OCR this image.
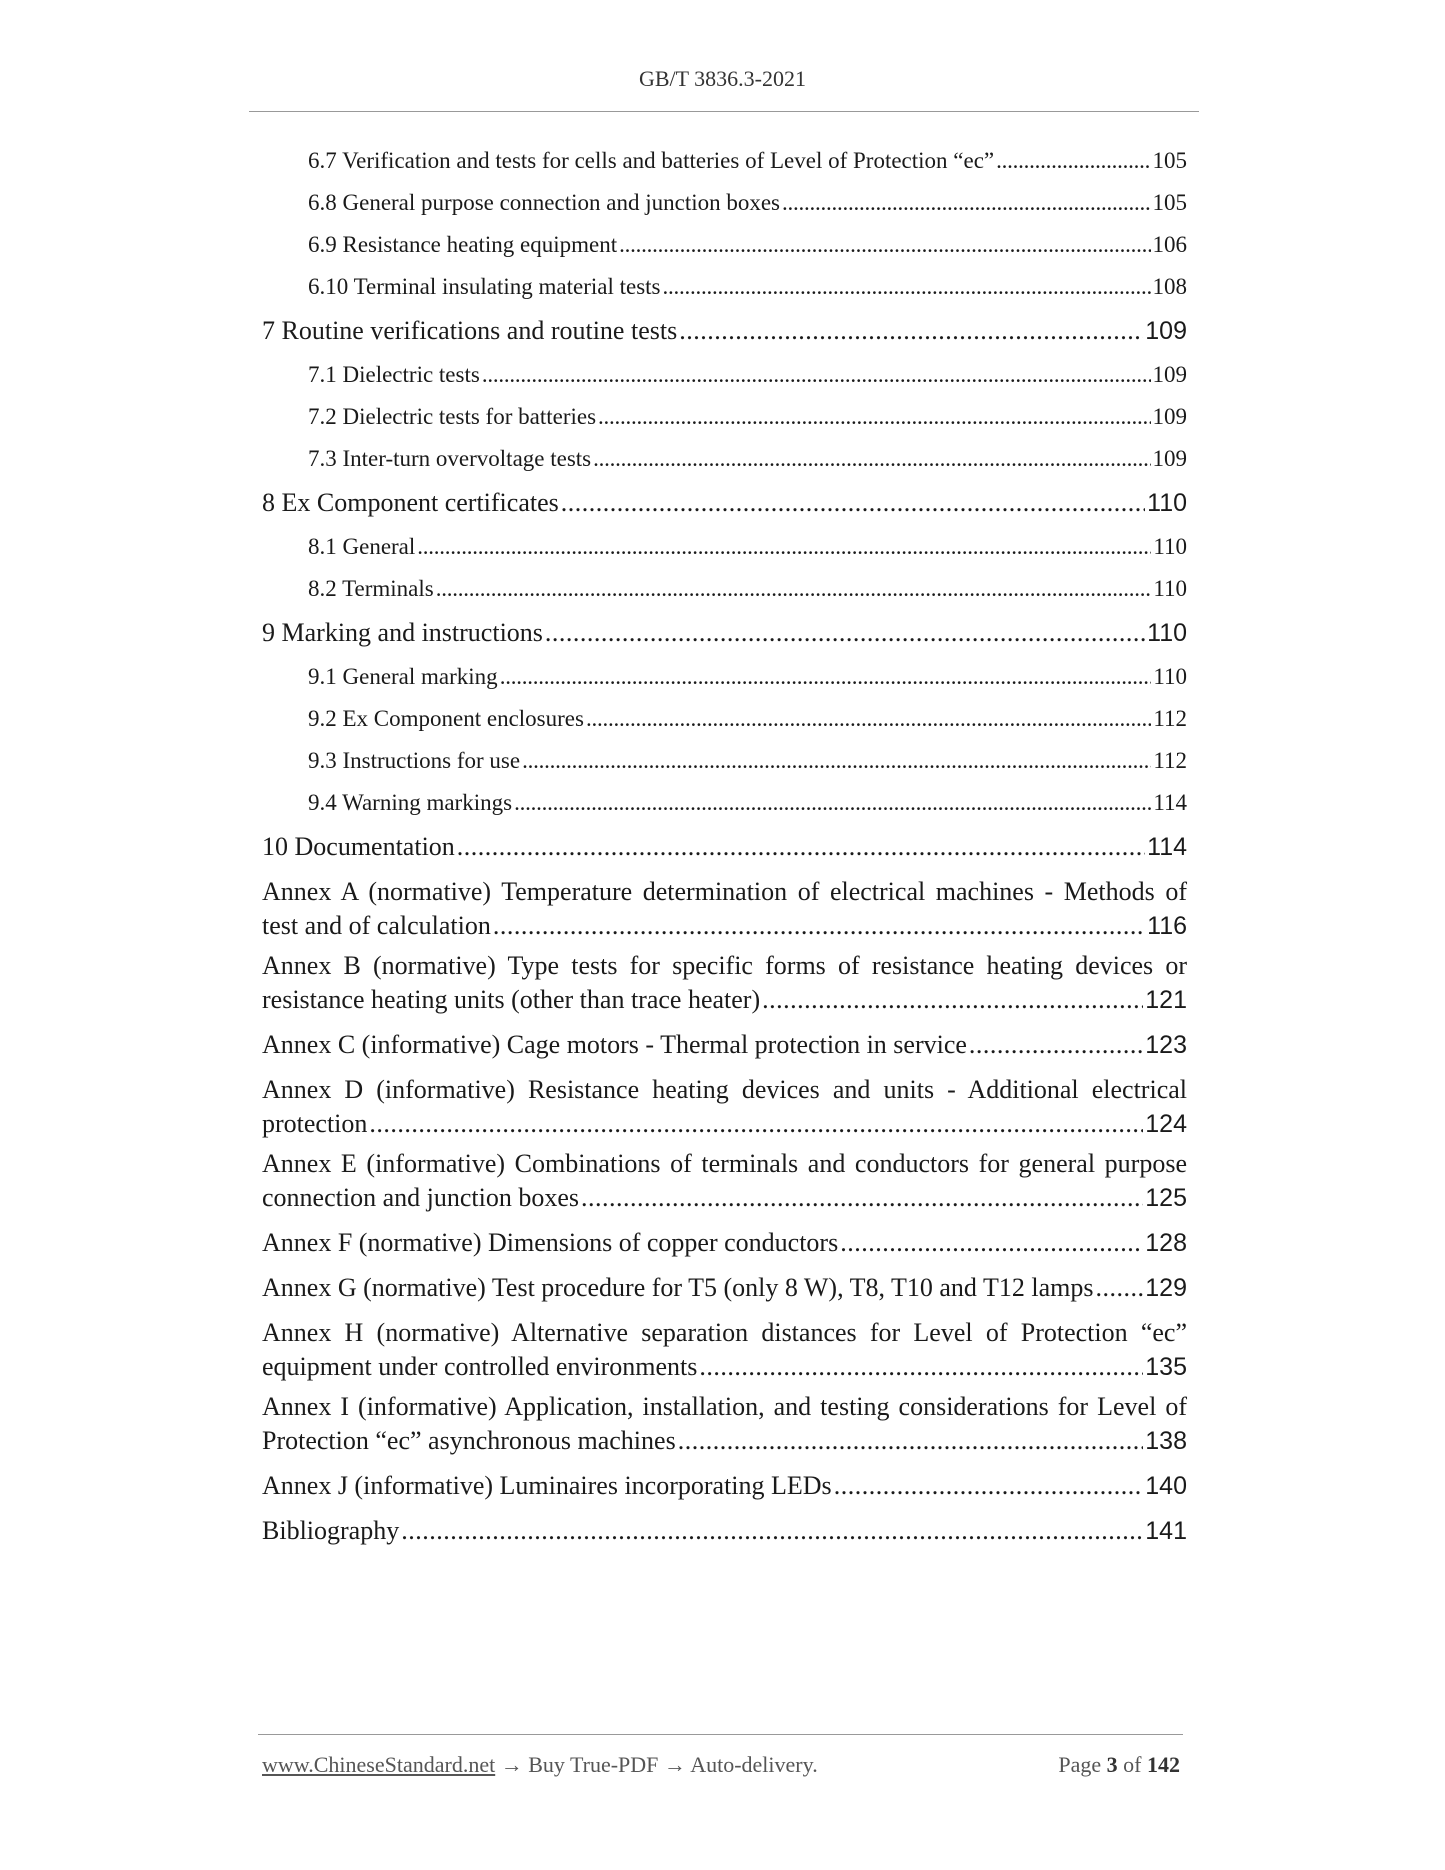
GB/T 3836.3-2021
6.7 Verification and tests for cells and batteries of Level of Protection “ec” . . .	105
6.8 General purpose connection and junction boxes . . .	105
6.9 Resistance heating equipment . . .	106
6.10 Terminal insulating material tests . . .	108
7 Routine verifications and routine tests . . .	109
7.1 Dielectric tests . . .	109
7.2 Dielectric tests for batteries . . .	109
7.3 Inter-turn overvoltage tests . . .	109
8 Ex Component certificates . . .	110
8.1 General . . .	110
8.2 Terminals . . .	110
9 Marking and instructions . . .	110
9.1 General marking . . .	110
9.2 Ex Component enclosures . . .	112
9.3 Instructions for use . . .	112
9.4 Warning markings . . .	114
10 Documentation . . .	114
Annex A (normative) Temperature determination of electrical machines - Methods of
test and of calculation . . .	116
Annex B (normative) Type tests for specific forms of resistance heating devices or
resistance heating units (other than trace heater) . . .	121
Annex C (informative) Cage motors - Thermal protection in service . . .	123
Annex D (informative) Resistance heating devices and units - Additional electrical
protection . . .	124
Annex E (informative) Combinations of terminals and conductors for general purpose
connection and junction boxes . . .	125
Annex F (normative) Dimensions of copper conductors . . .	128
Annex G (normative) Test procedure for T5 (only 8 W), T8, T10 and T12 lamps . . . 129
Annex H (normative) Alternative separation distances for Level of Protection “ec”
equipment under controlled environments . . .	135
Annex I (informative) Application, installation, and testing considerations for Level of
Protection “ec” asynchronous machines . . .	138
Annex J (informative) Luminaires incorporating LEDs . . .	140
Bibliography . . .	141
www.ChineseStandard.net → Buy True-PDF → Auto-delivery.	Page 3 of 142
